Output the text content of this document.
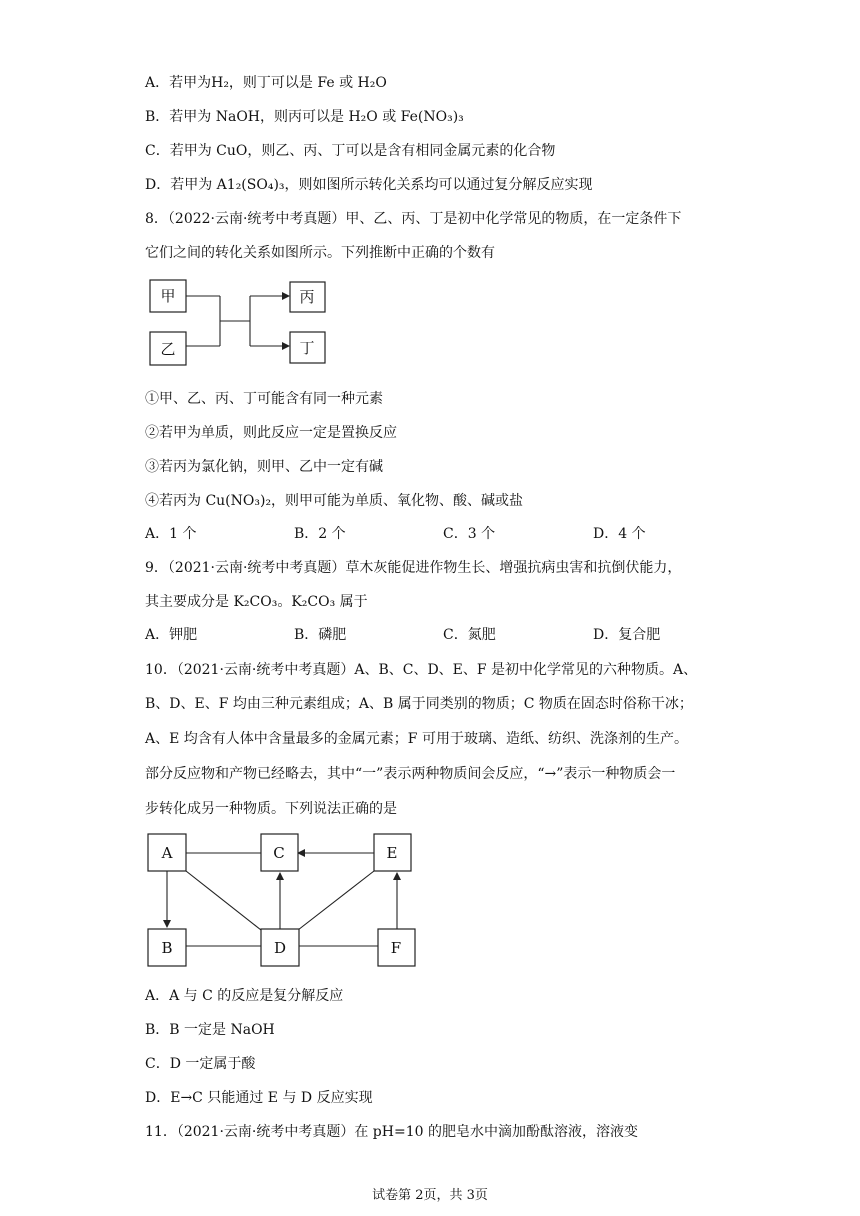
A．若甲为H₂，则丁可以是 Fe 或 H₂O
B．若甲为 NaOH，则丙可以是 H₂O 或 Fe(NO₃)₃
C．若甲为 CuO，则乙、丙、丁可以是含有相同金属元素的化合物
D．若甲为 A1₂(SO₄)₃，则如图所示转化关系均可以通过复分解反应实现
8．（2022·云南·统考中考真题）甲、乙、丙、丁是初中化学常见的物质，在一定条件下
它们之间的转化关系如图所示。下列推断中正确的个数有
甲
乙
丙
丁
A	C	E
B	D	F
①甲、乙、丙、丁可能含有同一种元素
②若甲为单质，则此反应一定是置换反应
③若丙为氯化钠，则甲、乙中一定有碱
④若丙为 Cu(NO₃)₂，则甲可能为单质、氧化物、酸、碱或盐
A．1 个	B．2 个	C．3 个	D．4 个
9．（2021·云南·统考中考真题）草木灰能促进作物生长、增强抗病虫害和抗倒伏能力，
其主要成分是 K₂CO₃。K₂CO₃ 属于
A．钾肥	B．磷肥	C．氮肥	D．复合肥
10．（2021·云南·统考中考真题）A、B、C、D、E、F 是初中化学常见的六种物质。A、
B、D、E、F 均由三种元素组成；A、B 属于同类别的物质；C 物质在固态时俗称干冰；
A、E 均含有人体中含量最多的金属元素；F 可用于玻璃、造纸、纺织、洗涤剂的生产。
部分反应物和产物已经略去，其中“一”表示两种物质间会反应，“→”表示一种物质会一
步转化成另一种物质。下列说法正确的是
A．A 与 C 的反应是复分解反应
B．B 一定是 NaOH
C．D 一定属于酸
D．E→C 只能通过 E 与 D 反应实现
11．（2021·云南·统考中考真题）在 pH=10 的肥皂水中滴加酚酞溶液，溶液变
试卷第 2页，共 3页
